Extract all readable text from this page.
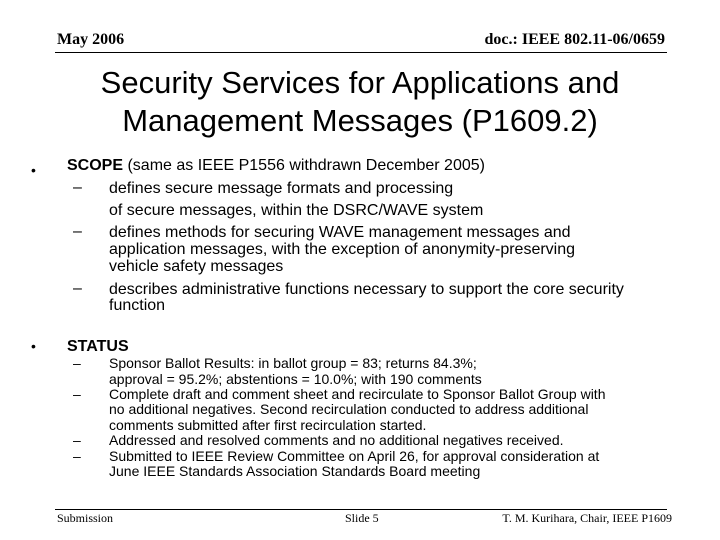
May 2006	doc.: IEEE 802.11-06/0659
Security Services for Applications and
Management Messages (P1609.2)
• SCOPE (same as IEEE P1556 withdrawn December 2005)
– defines secure message formats and processing
of secure messages, within the DSRC/WAVE system
– defines methods for securing WAVE management messages and
application messages, with the exception of anonymity-preserving
vehicle safety messages
– describes administrative functions necessary to support the core security
function
• STATUS
– Sponsor Ballot Results: in ballot group = 83; returns 84.3%;
approval = 95.2%; abstentions = 10.0%; with 190 comments
– Complete draft and comment sheet and recirculate to Sponsor Ballot Group with
no additional negatives. Second recirculation conducted to address additional
comments submitted after first recirculation started.
– Addressed and resolved comments and no additional negatives received.
– Submitted to IEEE Review Committee on April 26, for approval consideration at
June IEEE Standards Association Standards Board meeting
Submission	Slide 5	T. M. Kurihara, Chair, IEEE P1609
